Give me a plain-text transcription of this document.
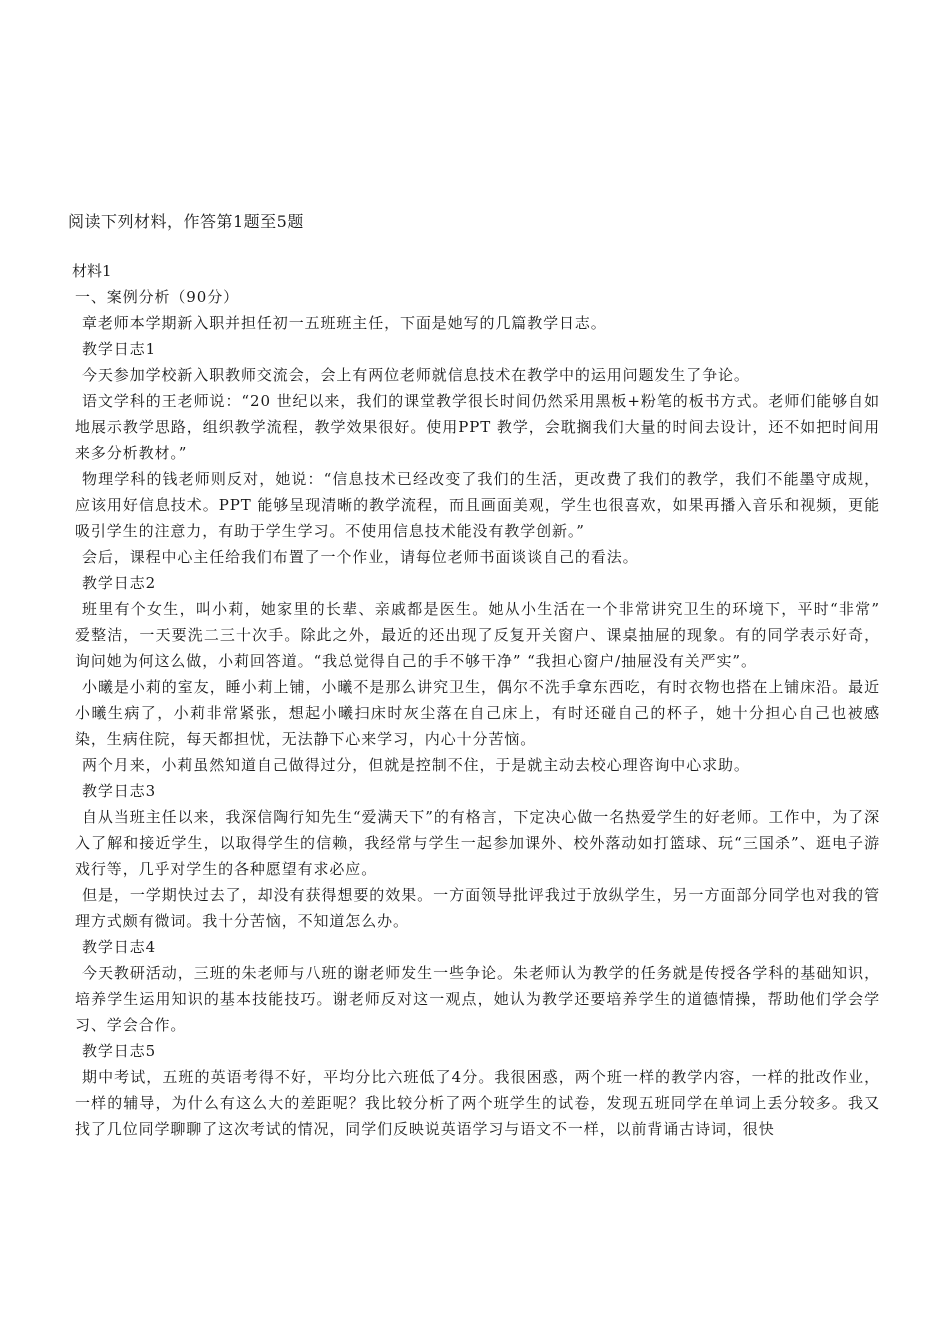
阅读下列材料，作答第1题至5题
材料1

一、案例分析（90分）

章老师本学期新入职并担任初一五班班主任，下面是她写的几篇教学日志。

教学日志1

今天参加学校新入职教师交流会，会上有两位老师就信息技术在教学中的运用问题发生了争论。

语文学科的王老师说：“20 世纪以来，我们的课堂教学很长时间仍然采用黑板+粉笔的板书方式。老师们能够自如地展示教学思路，组织教学流程，教学效果很好。使用PPT 教学，会耽搁我们大量的时间去设计，还不如把时间用来多分析教材。”

物理学科的钱老师则反对，她说：“信息技术已经改变了我们的生活，更改费了我们的教学，我们不能墨守成规，应该用好信息技术。PPT 能够呈现清晰的教学流程，而且画面美观，学生也很喜欢，如果再播入音乐和视频，更能吸引学生的注意力，有助于学生学习。不使用信息技术能没有教学创新。”

会后，课程中心主任给我们布置了一个作业，请每位老师书面谈谈自己的看法。

教学日志2

班里有个女生，叫小莉，她家里的长辈、亲戚都是医生。她从小生活在一个非常讲究卫生的环境下，平时“非常” 爱整洁，一天要洗二三十次手。除此之外，最近的还出现了反复开关窗户、课桌抽屉的现象。有的同学表示好奇，询问她为何这么做，小莉回答道。“我总觉得自己的手不够干净” “我担心窗户/抽屉没有关严实”。

小曦是小莉的室友，睡小莉上铺，小曦不是那么讲究卫生，偶尔不洗手拿东西吃，有时衣物也搭在上铺床沿。最近小曦生病了，小莉非常紧张，想起小曦扫床时灰尘落在自己床上，有时还碰自己的杯子，她十分担心自己也被感染，生病住院，每天都担忧，无法静下心来学习，内心十分苦恼。

两个月来，小莉虽然知道自己做得过分，但就是控制不住，于是就主动去校心理咨询中心求助。

教学日志3

自从当班主任以来，我深信陶行知先生“爱满天下”的有格言，下定决心做一名热爱学生的好老师。工作中，为了深入了解和接近学生，以取得学生的信赖，我经常与学生一起参加课外、校外落动如打篮球、玩“三国杀”、逛电子游戏行等，几乎对学生的各种愿望有求必应。

但是，一学期快过去了，却没有获得想要的效果。一方面领导批评我过于放纵学生，另一方面部分同学也对我的管理方式颇有微词。我十分苦恼，不知道怎么办。

教学日志4

今天教研活动，三班的朱老师与八班的谢老师发生一些争论。朱老师认为教学的任务就是传授各学科的基础知识，培养学生运用知识的基本技能技巧。谢老师反对这一观点，她认为教学还要培养学生的道德情操，帮助他们学会学习、学会合作。

教学日志5

期中考试，五班的英语考得不好，平均分比六班低了4分。我很困惑，两个班一样的教学内容，一样的批改作业，一样的辅导，为什么有这么大的差距呢？我比较分析了两个班学生的试卷，发现五班同学在单词上丢分较多。我又找了几位同学聊聊了这次考试的情况，同学们反映说英语学习与语文不一样，以前背诵古诗词，很快
